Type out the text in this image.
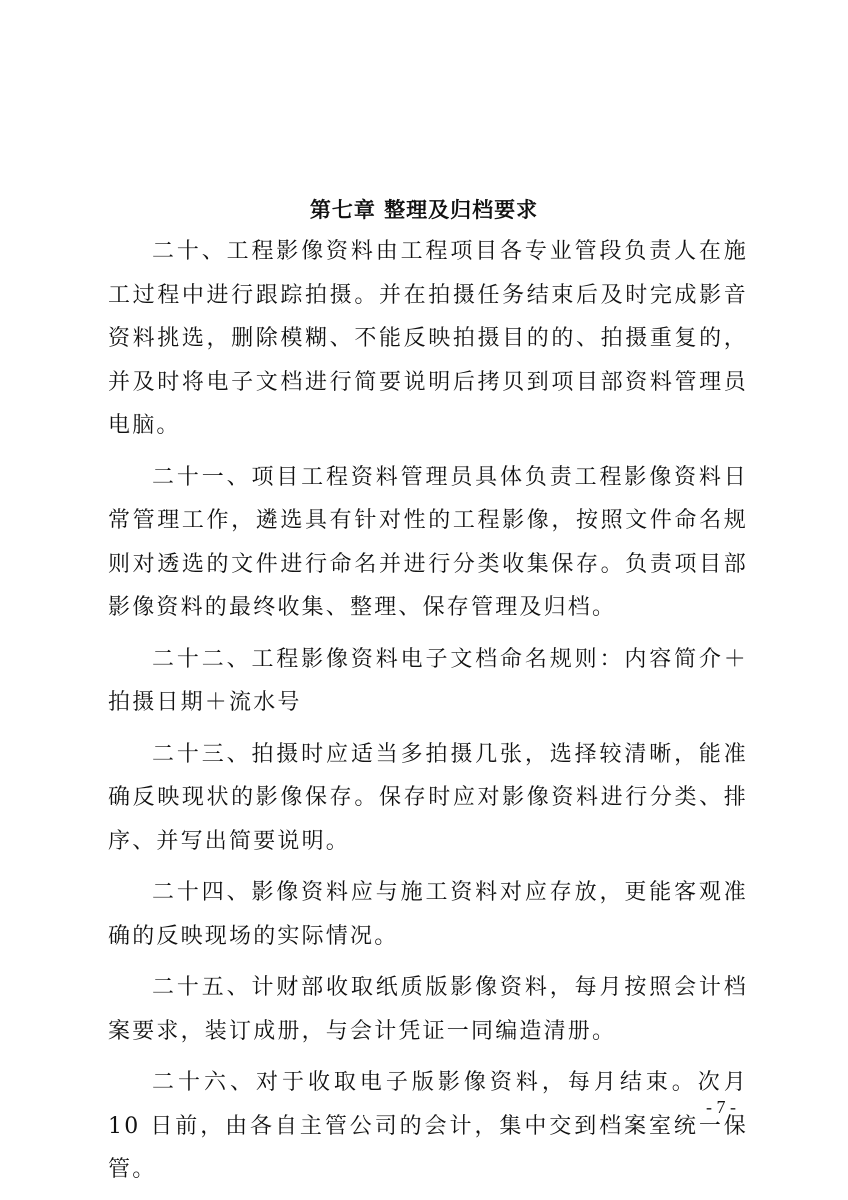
第七章 整理及归档要求

二十、工程影像资料由工程项目各专业管段负责人在施工过程中进行跟踪拍摄。并在拍摄任务结束后及时完成影音资料挑选，删除模糊、不能反映拍摄目的的、拍摄重复的，并及时将电子文档进行简要说明后拷贝到项目部资料管理员电脑。

二十一、项目工程资料管理员具体负责工程影像资料日常管理工作，遴选具有针对性的工程影像，按照文件命名规则对透选的文件进行命名并进行分类收集保存。负责项目部影像资料的最终收集、整理、保存管理及归档。

二十二、工程影像资料电子文档命名规则：内容简介＋拍摄日期＋流水号

二十三、拍摄时应适当多拍摄几张，选择较清晰，能准确反映现状的影像保存。保存时应对影像资料进行分类、排序、并写出简要说明。

二十四、影像资料应与施工资料对应存放，更能客观准确的反映现场的实际情况。

二十五、计财部收取纸质版影像资料，每月按照会计档案要求，装订成册，与会计凭证一同编造清册。

二十六、对于收取电子版影像资料，每月结束。次月 10 日前，由各自主管公司的会计，集中交到档案室统一保管。

- 7 -
